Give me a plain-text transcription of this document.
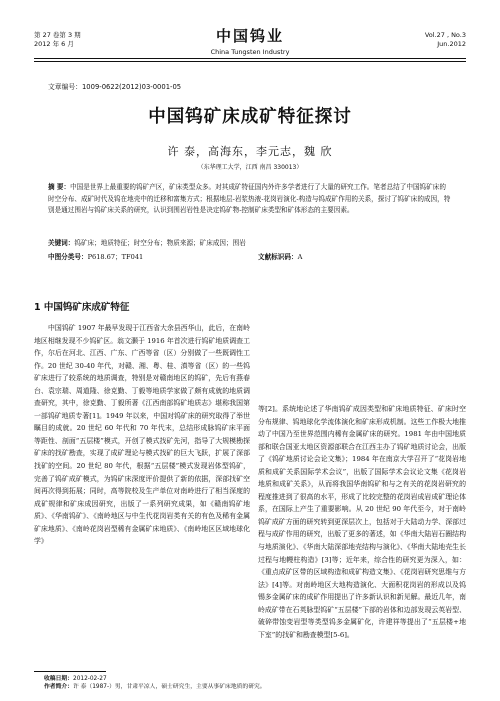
第 27 卷第 3 期
2012 年 6 月	中国钨业
China Tungsten Industry
Vol.27 , No.3
Jun.2012
文章编号：1009-0622(2012)03-0001-05
中国钨矿床成矿特征探讨
许 泰，高海东，李元志，魏 欣
（东华理工大学，江西 南昌 330013）
摘 要：中国是世界上最重要的钨矿产区，矿床类型众多。对其成矿特征国内外许多学者进行了大量的研究工作。笔者总结了中国钨矿床的时空分布、成矿时代及钨在地壳中的迁移和富集方式；根据地层-岩浆热液-花岗岩演化-构造与钨成矿作用的关系，探讨了钨矿床的成因，特别是通过围岩与钨矿床关系的研究，认识到围岩岩性是决定钨矿物-控制矿床类型和矿体形态的主要因素。
关键词：钨矿床；地质特征；时空分布；物质来源；矿床成因；围岩
中图分类号：P618.67；TF041	文献标识码：A
1 中国钨矿床成矿特征

中国钨矿 1907 年最早发现于江西省大余县西华山，此后，在南岭地区相继发现不少钨矿区。翁文灏于 1916 年首次进行钨矿地质调查工作，尔后在河北、江西、广东、广西等省（区）分别做了一些既调性工作。20 世纪 30-40 年代，对赣、湘、粤、桂、滇等省（区）的一些钨矿床进行了较系统的地质调查，特别是对赣南地区的钨矿，先后有燕春台、袁宗瑞、周道隆、徐克勤、丁毅等地质学家做了颇有成就的地质调查研究，其中，徐克勤、丁毅所著《江西南部钨矿地质志》堪称我国第一部钨矿地质专著[1]。1949 年以来，中国对钨矿床的研究取得了举世瞩目的成就。20 世纪 60 年代和 70 年代末，总结形成脉钨矿床平面等距性、剖面“五层楼”模式，开创了模式找矿先河，指导了大规模勘探矿床的找矿勘查，实现了成矿理论与模式找矿的巨大飞跃，扩展了深部找矿的空间。20 世纪 80 年代，根据“五层楼”模式发现岩体型钨矿，完善了钨矿成矿模式，为钨矿床深度评价提供了新的依据，深部找矿空间再次得到拓展；同时，高等院校及生产单位对南岭进行了相当深度的成矿规律和矿床成因研究，出版了一系列研究成果，如《赣南钨矿地质》、《华南钨矿》、《南岭地区与中生代花岗岩类有关的有色及稀有金属矿床地质》、《南岭花岗岩型稀有金属矿床地质》、《南岭地区区域地球化学》

等[2]。系统地论述了华南钨矿成因类型和矿床地质特征、矿床时空分布规律、钨地球化学流体演化和矿床形成机制。这些工作极大地推动了中国乃至世界范围内稀有金属矿床的研究。1981 年由中国地质部和联合国亚太地区资源部联合在江西主办了钨矿地质讨论会，出版了《钨矿地质讨论会论文集》；1984 年在南京大学召开了“花岗岩地质和成矿关系国际学术会议”，出版了国际学术会议论文集《花岗岩地质和成矿关系》，从而将我国华南钨矿和与之有关的花岗岩研究的程度推进到了很高的水平，形成了比较完整的花岗岩成岩成矿理论体系，在国际上产生了重要影响。从 20 世纪 90 年代至今，对于南岭钨矿成矿方面的研究转到更深层次上，包括对于大陆动力学、深部过程与成矿作用的研究，出版了更多的著述，如《华南大陆岩石圈结构与地质演化》、《华南大陆深部地壳结构与演化》、《华南大陆地壳生长过程与地幔柱构造》[3]等；近年来，综合性的研究更为深入，如：《重点成矿区带的区域构造和成矿构造文集》、《花岗岩研究思维与方法》[4]等。对南岭地区大地构造演化、大面积花岗岩的形成以及钨锡多金属矿床的成矿作用提出了许多新认识和新见解。最近几年，南岭成矿带在石英脉型钨矿“五层楼”下部的岩体和边部发现云英岩型、破碎带蚀变岩型等类型钨多金属矿化，许建祥等提出了“五层楼+地下室”的找矿和勘查模型[5-6]。

收稿日期：2012-02-27
作者简介：许 泰（1987-）男，甘肃平凉人，硕士研究生，主要从事矿床地质的研究。
